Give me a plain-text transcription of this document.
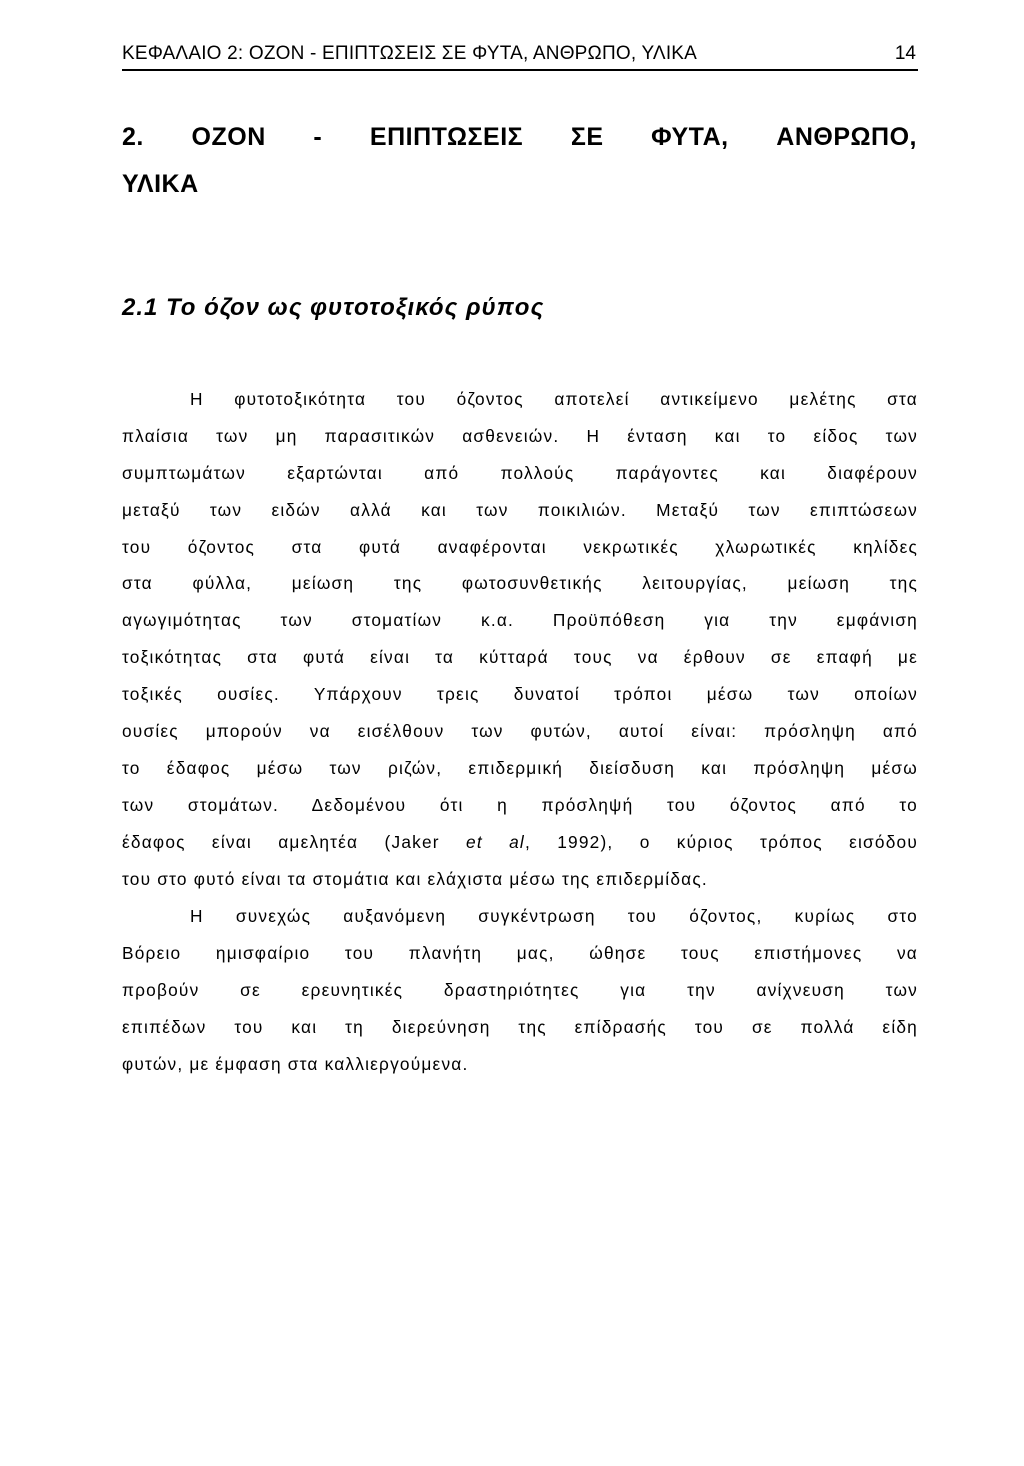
ΚΕΦΑΛΑΙΟ 2: ΟΖΟΝ - ΕΠΙΠΤΩΣΕΙΣ ΣΕ ΦΥΤΑ, ΑΝΘΡΩΠΟ, ΥΛΙΚΑ	14
2. ΟΖΟΝ - ΕΠΙΠΤΩΣΕΙΣ ΣΕ ΦΥΤΑ, ΑΝΘΡΩΠΟ,
ΥΛΙΚΑ
2.1 Το όζον ως φυτοτοξικός ρύπος
Η φυτοτοξικότητα του όζοντος αποτελεί αντικείμενο μελέτης στα
πλαίσια των μη παρασιτικών ασθενειών. Η ένταση και το είδος των
συμπτωμάτων εξαρτώνται από πολλούς παράγοντες και διαφέρουν
μεταξύ των ειδών αλλά και των ποικιλιών. Μεταξύ των επιπτώσεων
του όζοντος στα φυτά αναφέρονται νεκρωτικές χλωρωτικές κηλίδες
στα φύλλα, μείωση της φωτοσυνθετικής λειτουργίας, μείωση της
αγωγιμότητας των στοματίων κ.α. Προϋπόθεση για την εμφάνιση
τοξικότητας στα φυτά είναι τα κύτταρά τους να έρθουν σε επαφή με
τοξικές ουσίες. Υπάρχουν τρεις δυνατοί τρόποι μέσω των οποίων
ουσίες μπορούν να εισέλθουν των φυτών, αυτοί είναι: πρόσληψη από
το έδαφος μέσω των ριζών, επιδερμική διείσδυση και πρόσληψη μέσω
των στομάτων. Δεδομένου ότι η πρόσληψή του όζοντος από το
έδαφος είναι αμελητέα (Jaker et al, 1992), ο κύριος τρόπος εισόδου
του στο φυτό είναι τα στομάτια και ελάχιστα μέσω της επιδερμίδας.
Η συνεχώς αυξανόμενη συγκέντρωση του όζοντος, κυρίως στο
Βόρειο ημισφαίριο του πλανήτη μας, ώθησε τους επιστήμονες να
προβούν σε ερευνητικές δραστηριότητες για την ανίχνευση των
επιπέδων του και τη διερεύνηση της επίδρασής του σε πολλά είδη
φυτών, με έμφαση στα καλλιεργούμενα.
